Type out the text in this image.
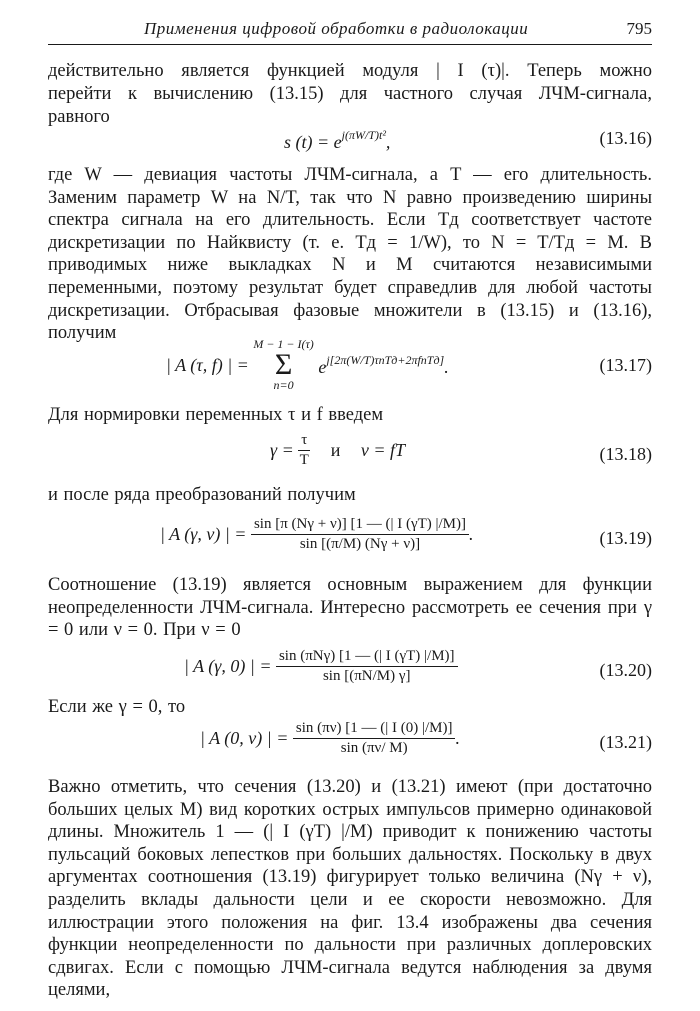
Применения цифровой обработки в радиолокации	795
действительно является функцией модуля | I (τ)|. Теперь можно
перейти к вычислению (13.15) для частного случая ЛЧМ-сигнала,
равного
s $(t) = e^{j(\pi W/T)t^2}$,	(13.16)
где W — девиация частоты ЛЧМ-сигнала, а T — его длительность. Заменим параметр W на N/T, так что N равно произведению ширины спектра сигнала на его длительность. Если Tд соответствует частоте дискретизации по Найквисту (т. е. Tд = 1/W), то N = T/Tд = M. В приводимых ниже выкладках N и M считаются независимыми переменными, поэтому результат будет справедлив для любой частоты дискретизации. Отбрасывая фазовые множители в (13.15) и (13.16), получим
| A (τ, f) | =
M − 1 − I(τ)
Σ
n=0
$e^{j[2\pi(W/T)\tau nTд+2\pi fnTд]}$.	(13.17)
Для нормировки переменных τ и f введем
$\gamma = \frac{\tau}{T}$ и ν = fT	(13.18)
и после ряда преобразований получим
| A (γ, ν) | = $\frac{\sin [\pi (N\gamma + \nu)] [1 — (| I (\gamma T) |/M)]}{\sin [(\pi/M) (N\gamma + \nu)]}$ .	(13.19)
Соотношение (13.19) является основным выражением для функции неопределенности ЛЧМ-сигнала. Интересно рассмотреть ее сечения при γ = 0 или ν = 0. При ν = 0
| A (γ, 0) | = $\frac{\text{sin (πNγ) [1 — (| I (γT) |/M)]}}{\sin [(\pi N/M) \gamma]}$	(13.20)
Если же γ = 0, то
| A (0, ν) | = $\frac{\sin (\pi\nu) [1 — (| I (0) |/M)]}{\sin (\pi\nu/ M)}$ .	(13.21)
Важно отметить, что сечения (13.20) и (13.21) имеют (при достаточно больших целых M) вид коротких острых импульсов примерно одинаковой длины. Множитель 1 — (| I (γT) |/M) приводит к понижению частоты пульсаций боковых лепестков при больших дальностях. Поскольку в двух аргументах соотношения (13.19) фигурирует только величина (Nγ + ν), разделить вклады дальности цели и ее скорости невозможно. Для иллюстрации этого положения на фиг. 13.4 изображены два сечения функции неопределенности по дальности при различных доплеровских сдвигах. Если с помощью ЛЧМ-сигнала ведутся наблюдения за двумя целями,
